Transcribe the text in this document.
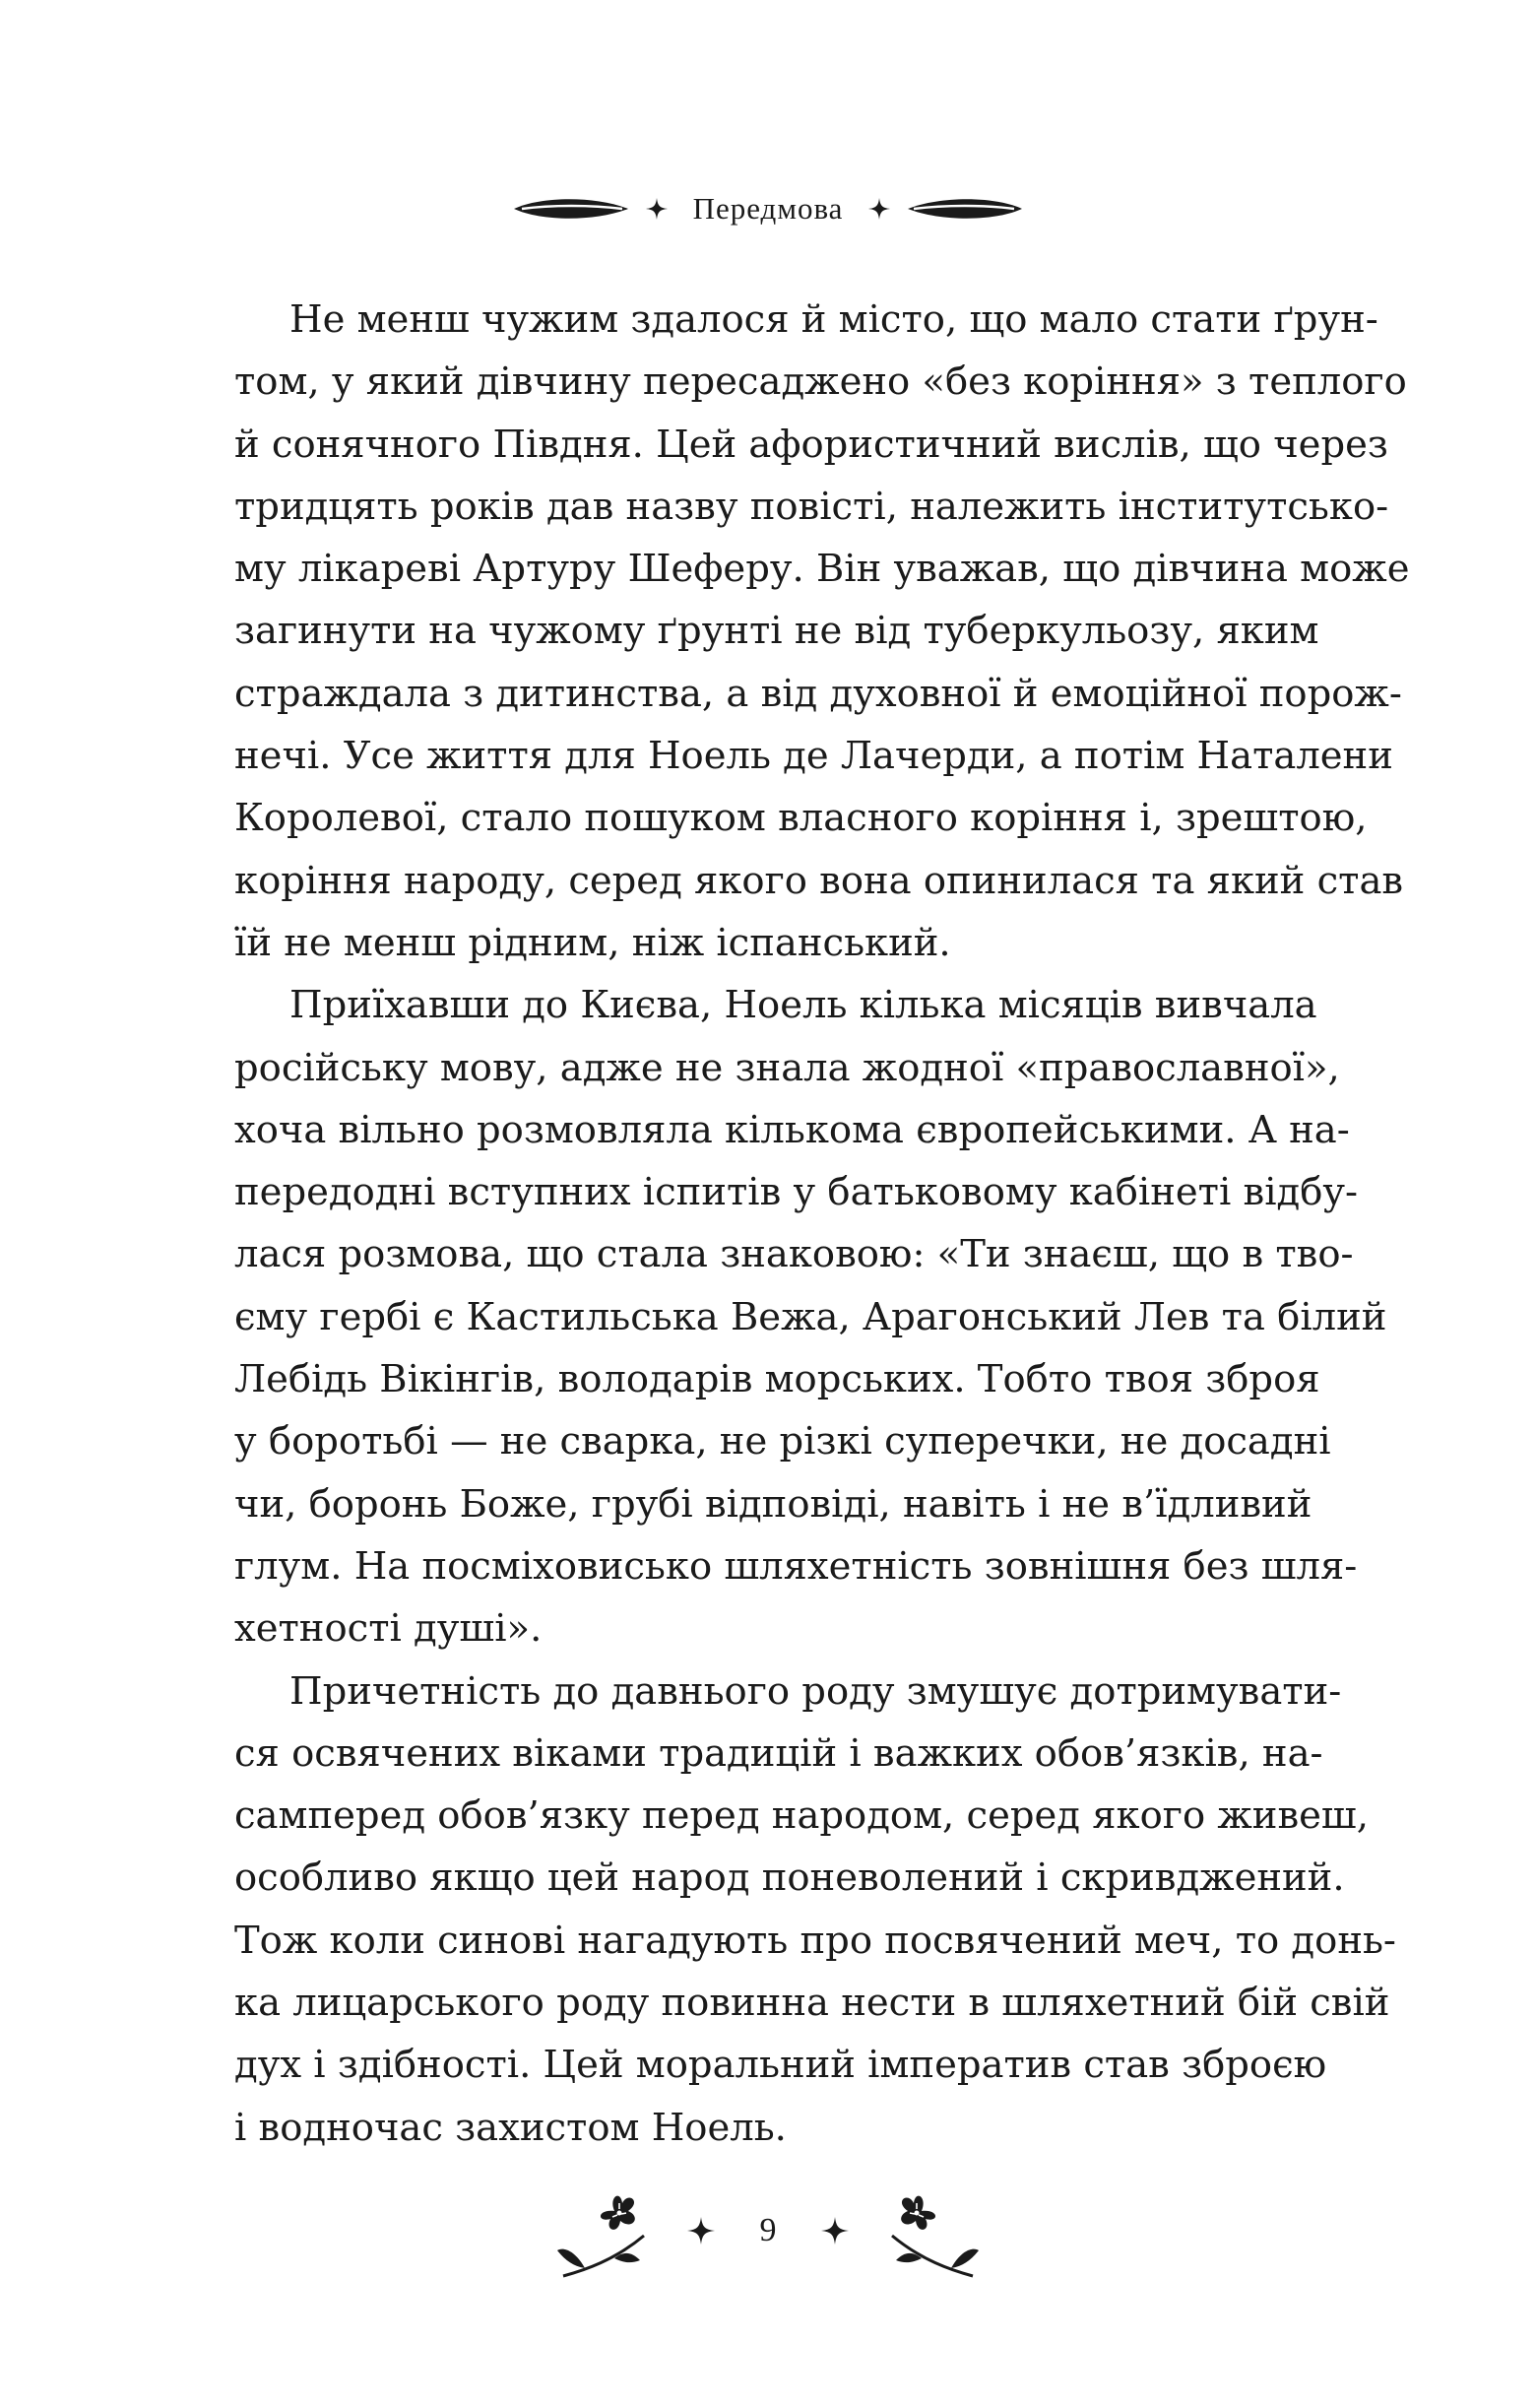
Передмова

Не менш чужим здалося й місто, що мало стати ґрун-
том, у який дівчину пересаджено «без коріння» з теплого
й сонячного Півдня. Цей афористичний вислів, що через
тридцять років дав назву повісті, належить інститутсько-
му лікареві Артуру Шеферу. Він уважав, що дівчина може
загинути на чужому ґрунті не від туберкульозу, яким
страждала з дитинства, а від духовної й емоційної порож-
нечі. Усе життя для Ноель де Лачерди, а потім Наталени
Королевої, стало пошуком власного коріння і, зрештою,
коріння народу, серед якого вона опинилася та який став
їй не менш рідним, ніж іспанський.

Приїхавши до Києва, Ноель кілька місяців вивчала
російську мову, адже не знала жодної «православної»,
хоча вільно розмовляла кількома європейськими. А на-
передодні вступних іспитів у батьковому кабінеті відбу-
лася розмова, що стала знаковою: «Ти знаєш, що в тво-
єму гербі є Кастильська Вежа, Арагонський Лев та білий
Лебідь Вікінгів, володарів морських. Тобто твоя зброя
у боротьбі — не сварка, не різкі суперечки, не досадні
чи, боронь Боже, грубі відповіді, навіть і не в’їдливий
глум. На посміховисько шляхетність зовнішня без шля-
хетності душі».

Причетність до давнього роду змушує дотримувати-
ся освячених віками традицій і важких обов’язків, на-
самперед обов’язку перед народом, серед якого живеш,
особливо якщо цей народ поневолений і скривджений.
Тож коли синові нагадують про посвячений меч, то донь-
ка лицарського роду повинна нести в шляхетний бій свій
дух і здібності. Цей моральний імператив став зброєю
і водночас захистом Ноель.

9
